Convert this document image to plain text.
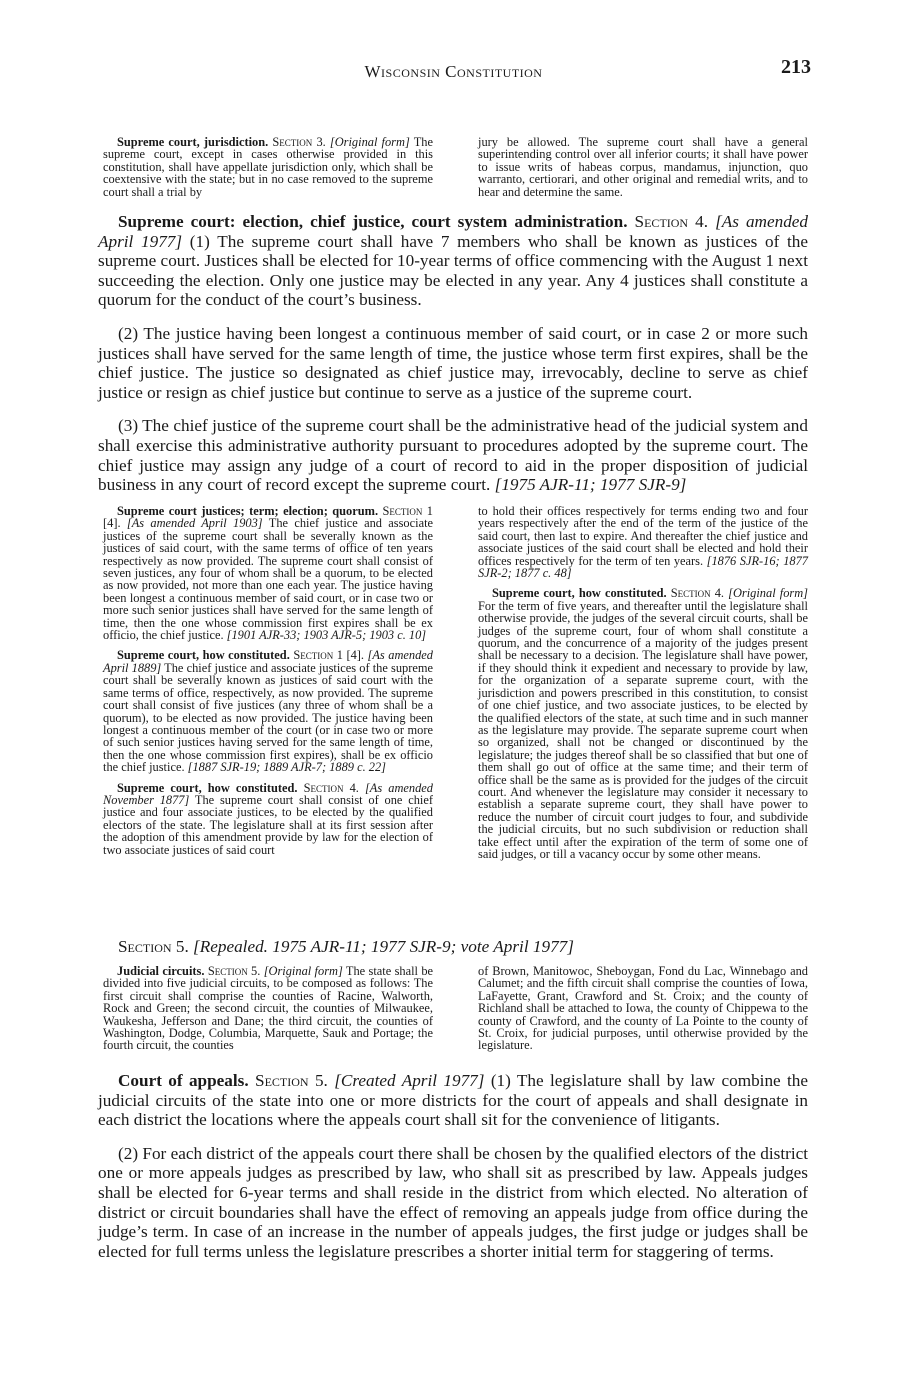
Wisconsin Constitution	213

Supreme court, jurisdiction. Section 3. [Original form] The supreme court, except in cases otherwise provided in this constitution, shall have appellate jurisdiction only, which shall be coextensive with the state; but in no case removed to the supreme court shall a trial by

jury be allowed. The supreme court shall have a general superintending control over all inferior courts; it shall have power to issue writs of habeas corpus, mandamus, injunction, quo warranto, certiorari, and other original and remedial writs, and to hear and determine the same.

Supreme court: election, chief justice, court system administration. Section 4. [As amended April 1977] (1) The supreme court shall have 7 members who shall be known as justices of the supreme court. Justices shall be elected for 10-year terms of office commencing with the August 1 next succeeding the election. Only one justice may be elected in any year. Any 4 justices shall constitute a quorum for the conduct of the court’s business.

(2) The justice having been longest a continuous member of said court, or in case 2 or more such justices shall have served for the same length of time, the justice whose term first expires, shall be the chief justice. The justice so designated as chief justice may, irrevocably, decline to serve as chief justice or resign as chief justice but continue to serve as a justice of the supreme court.

(3) The chief justice of the supreme court shall be the administrative head of the judicial system and shall exercise this administrative authority pursuant to procedures adopted by the supreme court. The chief justice may assign any judge of a court of record to aid in the proper disposition of judicial business in any court of record except the supreme court. [1975 AJR-11; 1977 SJR-9]

Supreme court justices; term; election; quorum. Section 1 [4]. [As amended April 1903] The chief justice and associate justices of the supreme court shall be severally known as the justices of said court, with the same terms of office of ten years respectively as now provided. The supreme court shall consist of seven justices, any four of whom shall be a quorum, to be elected as now provided, not more than one each year. The justice having been longest a continuous member of said court, or in case two or more such senior justices shall have served for the same length of time, then the one whose commission first expires shall be ex officio, the chief justice. [1901 AJR-33; 1903 AJR-5; 1903 c. 10]

Supreme court, how constituted. Section 1 [4]. [As amended April 1889] The chief justice and associate justices of the supreme court shall be severally known as justices of said court with the same terms of office, respectively, as now provided. The supreme court shall consist of five justices (any three of whom shall be a quorum), to be elected as now provided. The justice having been longest a continuous member of the court (or in case two or more of such senior justices having served for the same length of time, then the one whose commission first expires), shall be ex officio the chief justice. [1887 SJR-19; 1889 AJR-7; 1889 c. 22]

Supreme court, how constituted. Section 4. [As amended November 1877] The supreme court shall consist of one chief justice and four associate justices, to be elected by the qualified electors of the state. The legislature shall at its first session after the adoption of this amendment provide by law for the election of two associate justices of said court

to hold their offices respectively for terms ending two and four years respectively after the end of the term of the justice of the said court, then last to expire. And thereafter the chief justice and associate justices of the said court shall be elected and hold their offices respectively for the term of ten years. [1876 SJR-16; 1877 SJR-2; 1877 c. 48]

Supreme court, how constituted. Section 4. [Original form] For the term of five years, and thereafter until the legislature shall otherwise provide, the judges of the several circuit courts, shall be judges of the supreme court, four of whom shall constitute a quorum, and the concurrence of a majority of the judges present shall be necessary to a decision. The legislature shall have power, if they should think it expedient and necessary to provide by law, for the organization of a separate supreme court, with the jurisdiction and powers prescribed in this constitution, to consist of one chief justice, and two associate justices, to be elected by the qualified electors of the state, at such time and in such manner as the legislature may provide. The separate supreme court when so organized, shall not be changed or discontinued by the legislature; the judges thereof shall be so classified that but one of them shall go out of office at the same time; and their term of office shall be the same as is provided for the judges of the circuit court. And whenever the legislature may consider it necessary to establish a separate supreme court, they shall have power to reduce the number of circuit court judges to four, and subdivide the judicial circuits, but no such subdivision or reduction shall take effect until after the expiration of the term of some one of said judges, or till a vacancy occur by some other means.

Section 5. [Repealed. 1975 AJR-11; 1977 SJR-9; vote April 1977]

Judicial circuits. Section 5. [Original form] The state shall be divided into five judicial circuits, to be composed as follows: The first circuit shall comprise the counties of Racine, Walworth, Rock and Green; the second circuit, the counties of Milwaukee, Waukesha, Jefferson and Dane; the third circuit, the counties of Washington, Dodge, Columbia, Marquette, Sauk and Portage; the fourth circuit, the counties

of Brown, Manitowoc, Sheboygan, Fond du Lac, Winnebago and Calumet; and the fifth circuit shall comprise the counties of Iowa, LaFayette, Grant, Crawford and St. Croix; and the county of Richland shall be attached to Iowa, the county of Chippewa to the county of Crawford, and the county of La Pointe to the county of St. Croix, for judicial purposes, until otherwise provided by the legislature.

Court of appeals. Section 5. [Created April 1977] (1) The legislature shall by law combine the judicial circuits of the state into one or more districts for the court of appeals and shall designate in each district the locations where the appeals court shall sit for the convenience of litigants.

(2) For each district of the appeals court there shall be chosen by the qualified electors of the district one or more appeals judges as prescribed by law, who shall sit as prescribed by law. Appeals judges shall be elected for 6-year terms and shall reside in the district from which elected. No alteration of district or circuit boundaries shall have the effect of removing an appeals judge from office during the judge’s term. In case of an increase in the number of appeals judges, the first judge or judges shall be elected for full terms unless the legislature prescribes a shorter initial term for staggering of terms.
